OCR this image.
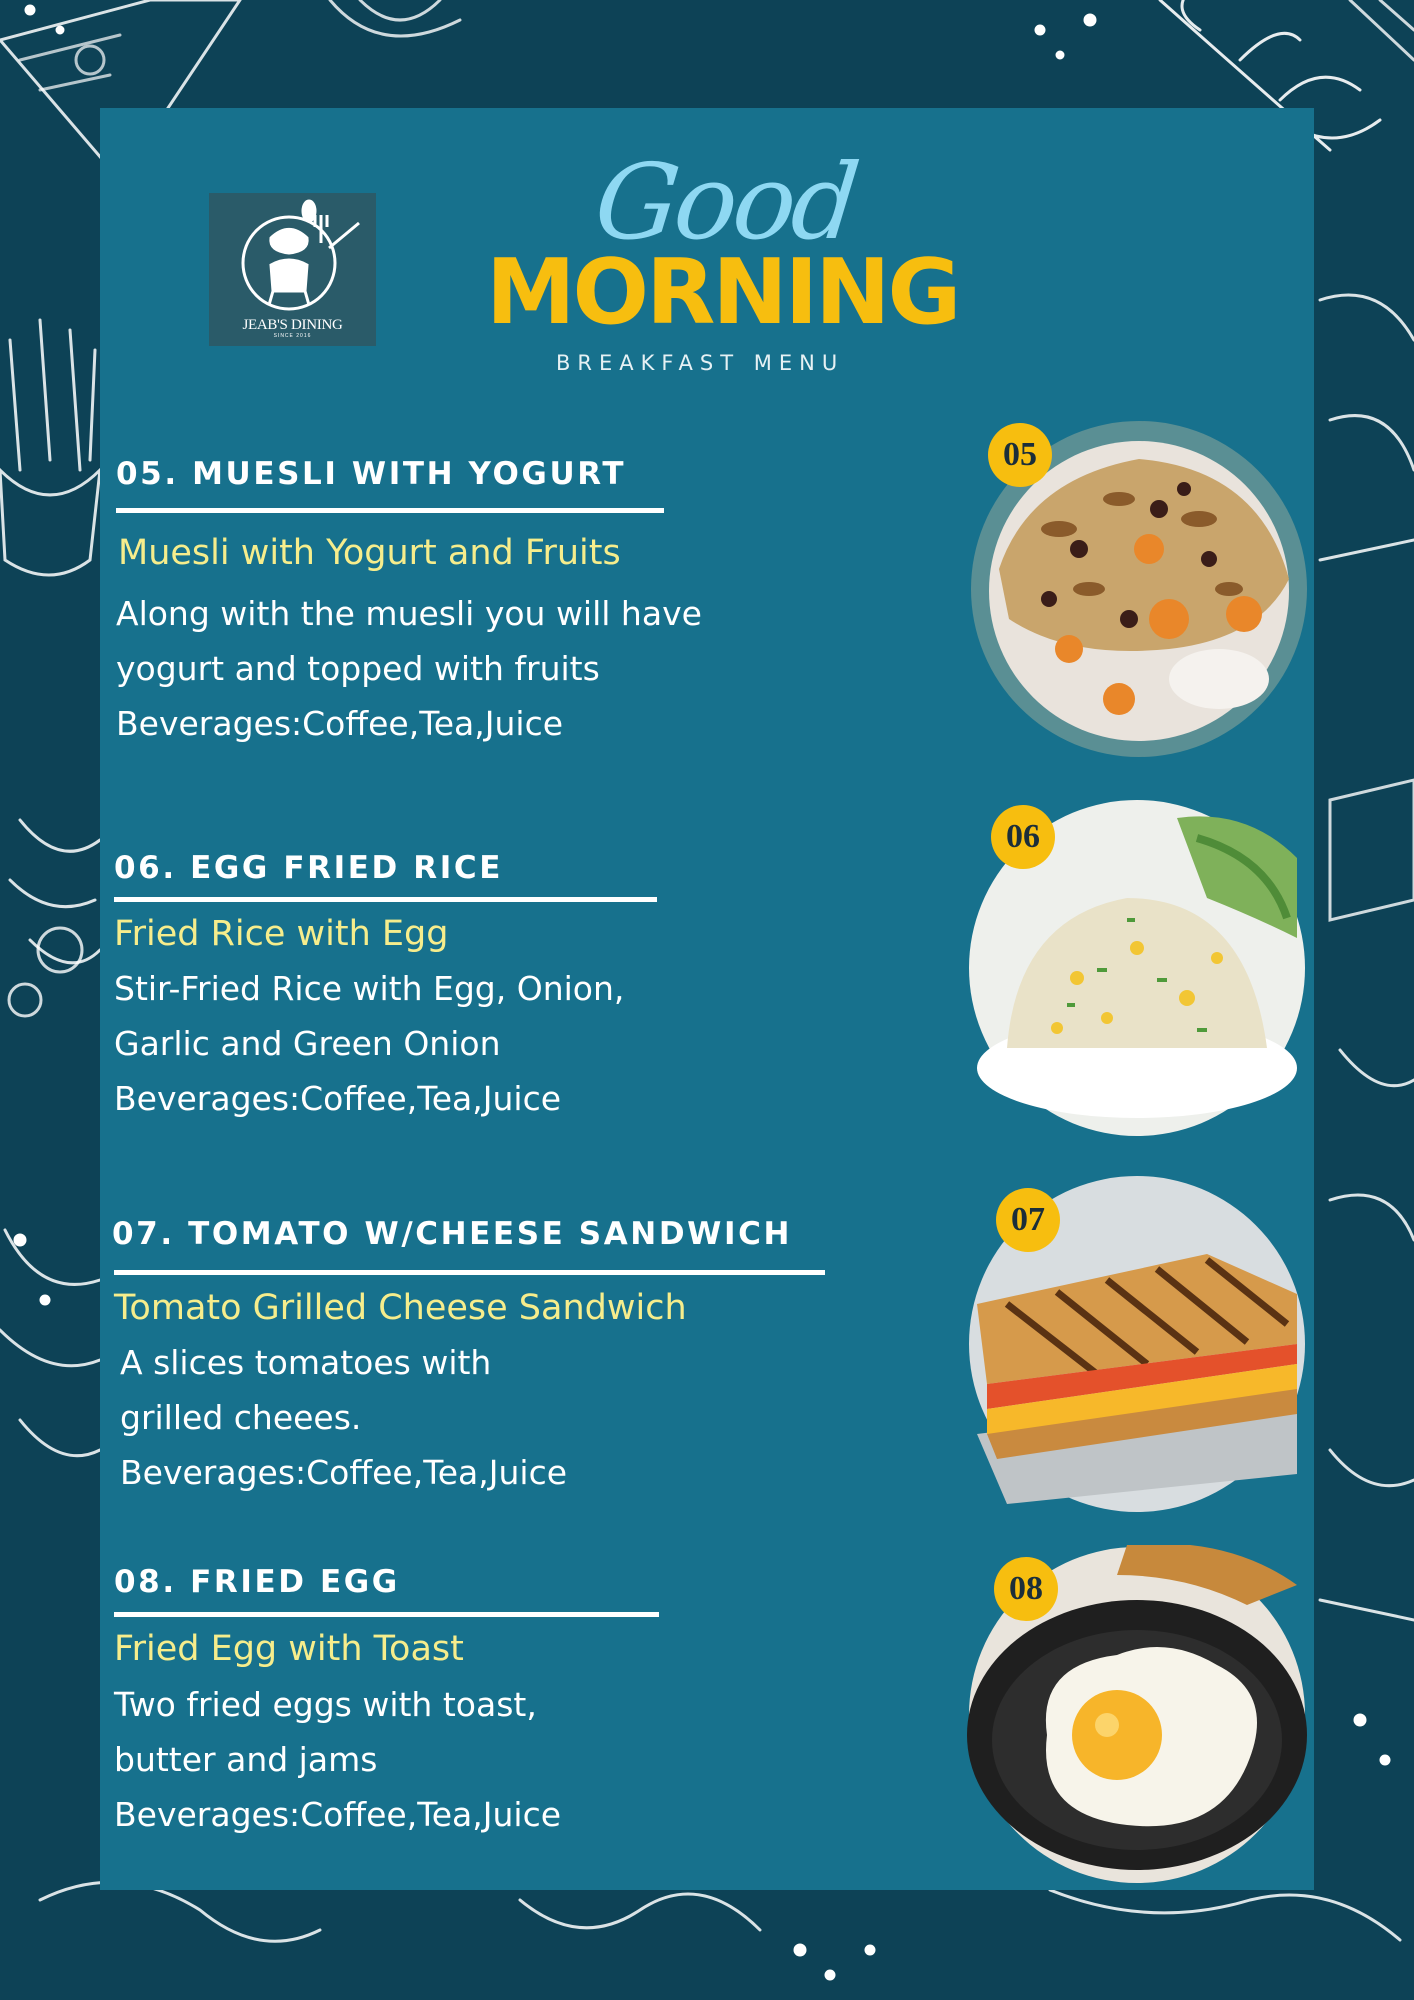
JEAB'S DINING
SINCE 2016
Good
MORNING
BREAKFAST MENU
05. MUESLI WITH YOGURT
Muesli with Yogurt and Fruits
Along with the muesli you will have
yogurt and topped with fruits
Beverages:Coffee,Tea,Juice
05
06. EGG FRIED RICE
Fried Rice with Egg
Stir-Fried Rice with Egg, Onion,
Garlic and Green Onion
Beverages:Coffee,Tea,Juice
06
07. TOMATO W/CHEESE SANDWICH
Tomato Grilled Cheese Sandwich
A slices tomatoes with
grilled cheees.
Beverages:Coffee,Tea,Juice
07
08. FRIED EGG
Fried Egg with Toast
Two fried eggs with toast,
butter and jams
Beverages:Coffee,Tea,Juice
08
